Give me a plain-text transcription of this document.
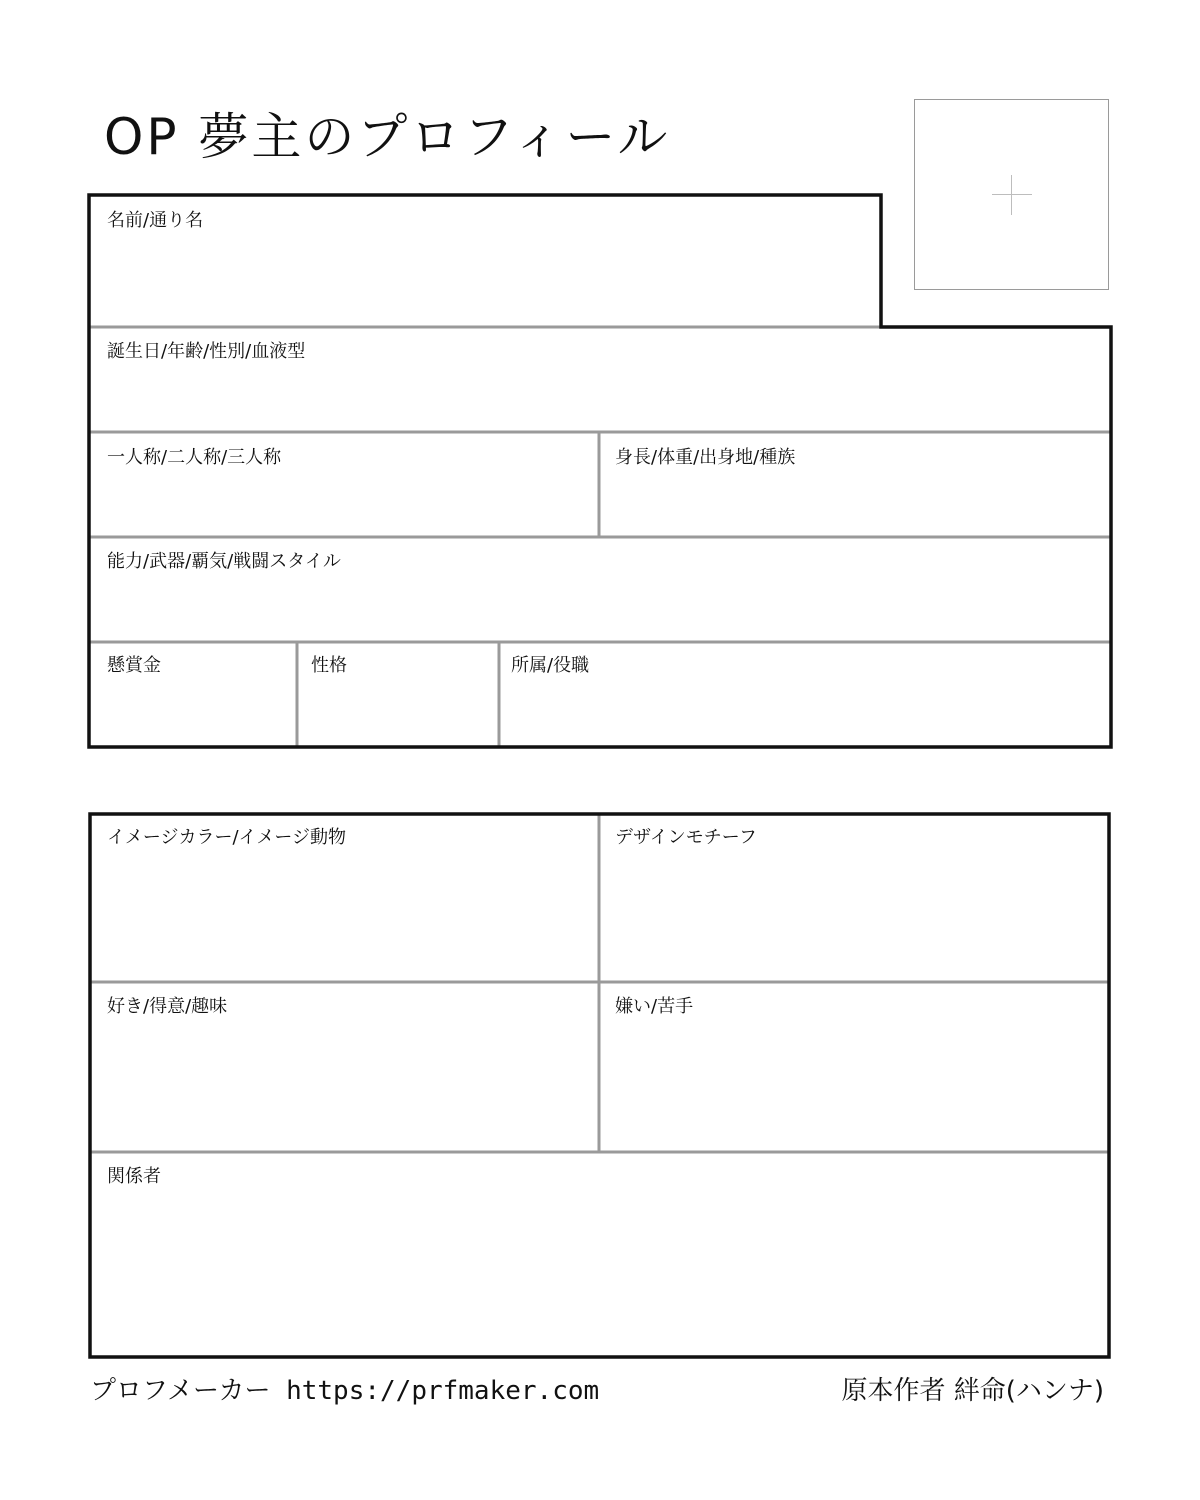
OP 夢主のプロフィール
名前/通り名
誕生日/年齢/性別/血液型
一人称/二人称/三人称	身長/体重/出身地/種族
能力/武器/覇気/戦闘スタイル
懸賞金	性格	所属/役職
イメージカラー/イメージ動物	デザインモチーフ
好き/得意/趣味	嫌い/苦手
関係者
プロフメーカー https://prfmaker.com	原本作者 絆命(ハンナ)
